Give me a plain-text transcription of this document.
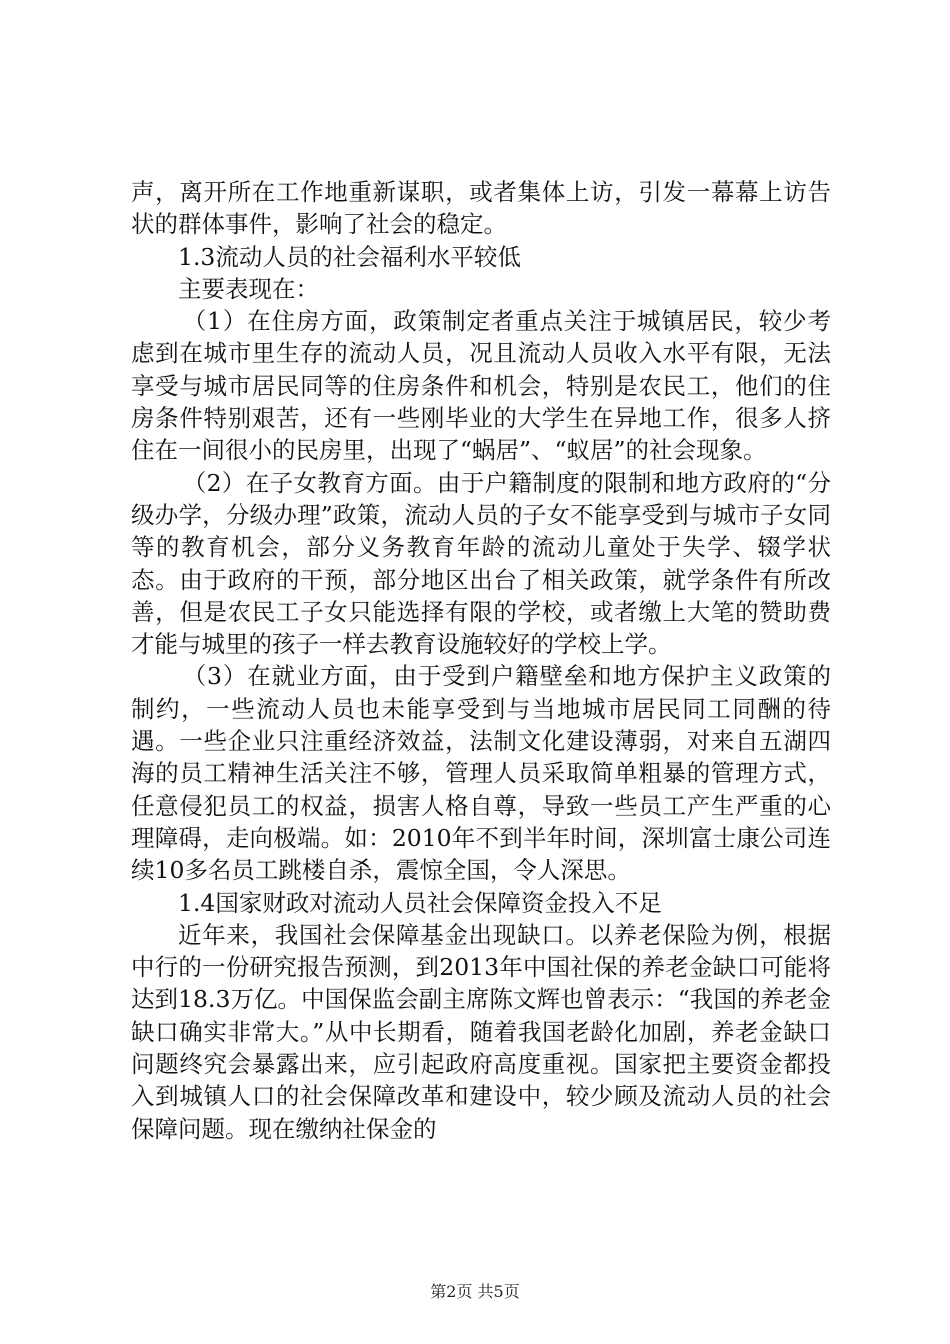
声，离开所在工作地重新谋职，或者集体上访，引发一幕幕上访告状的群体事件，影响了社会的稳定。

1.3流动人员的社会福利水平较低

主要表现在：

（1）在住房方面，政策制定者重点关注于城镇居民，较少考虑到在城市里生存的流动人员，况且流动人员收入水平有限，无法享受与城市居民同等的住房条件和机会，特别是农民工，他们的住房条件特别艰苦，还有一些刚毕业的大学生在异地工作，很多人挤住在一间很小的民房里，出现了“蜗居”、“蚁居”的社会现象。

（2）在子女教育方面。由于户籍制度的限制和地方政府的“分级办学，分级办理”政策，流动人员的子女不能享受到与城市子女同等的教育机会，部分义务教育年龄的流动儿童处于失学、辍学状态。由于政府的干预，部分地区出台了相关政策，就学条件有所改善，但是农民工子女只能选择有限的学校，或者缴上大笔的赞助费才能与城里的孩子一样去教育设施较好的学校上学。

（3）在就业方面，由于受到户籍壁垒和地方保护主义政策的制约，一些流动人员也未能享受到与当地城市居民同工同酬的待遇。一些企业只注重经济效益，法制文化建设薄弱，对来自五湖四海的员工精神生活关注不够，管理人员采取简单粗暴的管理方式，任意侵犯员工的权益，损害人格自尊，导致一些员工产生严重的心理障碍，走向极端。如：2010年不到半年时间，深圳富士康公司连续10多名员工跳楼自杀，震惊全国，令人深思。

1.4国家财政对流动人员社会保障资金投入不足

近年来，我国社会保障基金出现缺口。以养老保险为例，根据中行的一份研究报告预测，到2013年中国社保的养老金缺口可能将达到18.3万亿。中国保监会副主席陈文辉也曾表示：“我国的养老金缺口确实非常大。”从中长期看，随着我国老龄化加剧，养老金缺口问题终究会暴露出来，应引起政府高度重视。国家把主要资金都投入到城镇人口的社会保障改革和建设中，较少顾及流动人员的社会保障问题。现在缴纳社保金的

第2页 共5页
